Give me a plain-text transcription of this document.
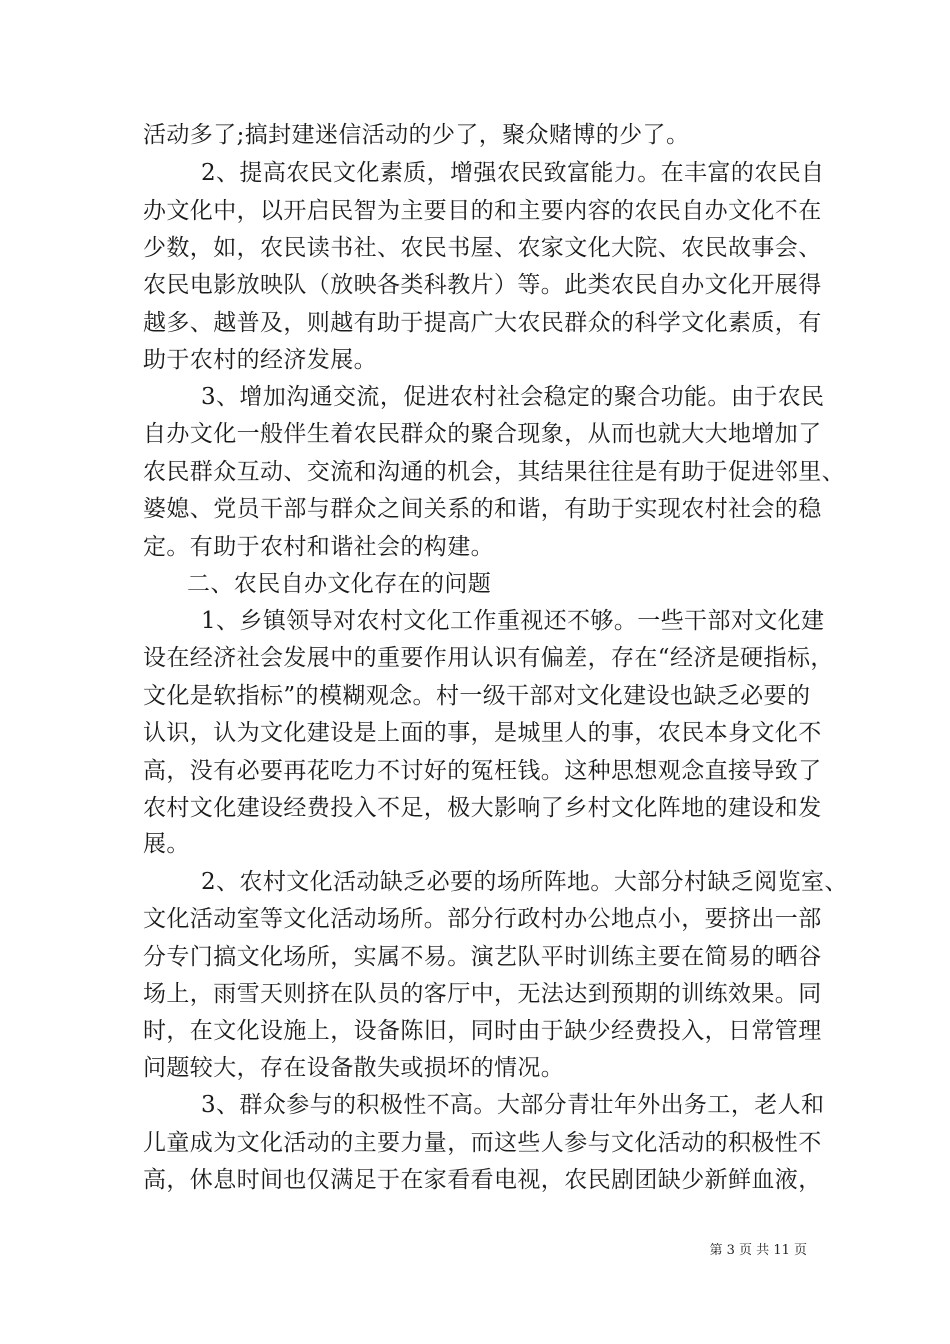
活动多了;搞封建迷信活动的少了，聚众赌博的少了。
2、提高农民文化素质，增强农民致富能力。在丰富的农民自
办文化中，以开启民智为主要目的和主要内容的农民自办文化不在
少数，如，农民读书社、农民书屋、农家文化大院、农民故事会、
农民电影放映队（放映各类科教片）等。此类农民自办文化开展得
越多、越普及，则越有助于提高广大农民群众的科学文化素质，有
助于农村的经济发展。
3、增加沟通交流，促进农村社会稳定的聚合功能。由于农民
自办文化一般伴生着农民群众的聚合现象，从而也就大大地增加了
农民群众互动、交流和沟通的机会，其结果往往是有助于促进邻里、
婆媳、党员干部与群众之间关系的和谐，有助于实现农村社会的稳
定。有助于农村和谐社会的构建。
二、农民自办文化存在的问题
1、乡镇领导对农村文化工作重视还不够。一些干部对文化建
设在经济社会发展中的重要作用认识有偏差，存在“经济是硬指标，
文化是软指标”的模糊观念。村一级干部对文化建设也缺乏必要的
认识，认为文化建设是上面的事，是城里人的事，农民本身文化不
高，没有必要再花吃力不讨好的冤枉钱。这种思想观念直接导致了
农村文化建设经费投入不足，极大影响了乡村文化阵地的建设和发
展。
2、农村文化活动缺乏必要的场所阵地。大部分村缺乏阅览室、
文化活动室等文化活动场所。部分行政村办公地点小，要挤出一部
分专门搞文化场所，实属不易。演艺队平时训练主要在简易的晒谷
场上，雨雪天则挤在队员的客厅中，无法达到预期的训练效果。同
时，在文化设施上，设备陈旧，同时由于缺少经费投入，日常管理
问题较大，存在设备散失或损坏的情况。
3、群众参与的积极性不高。大部分青壮年外出务工，老人和
儿童成为文化活动的主要力量，而这些人参与文化活动的积极性不
高，休息时间也仅满足于在家看看电视，农民剧团缺少新鲜血液，
第 3 页 共 11 页
